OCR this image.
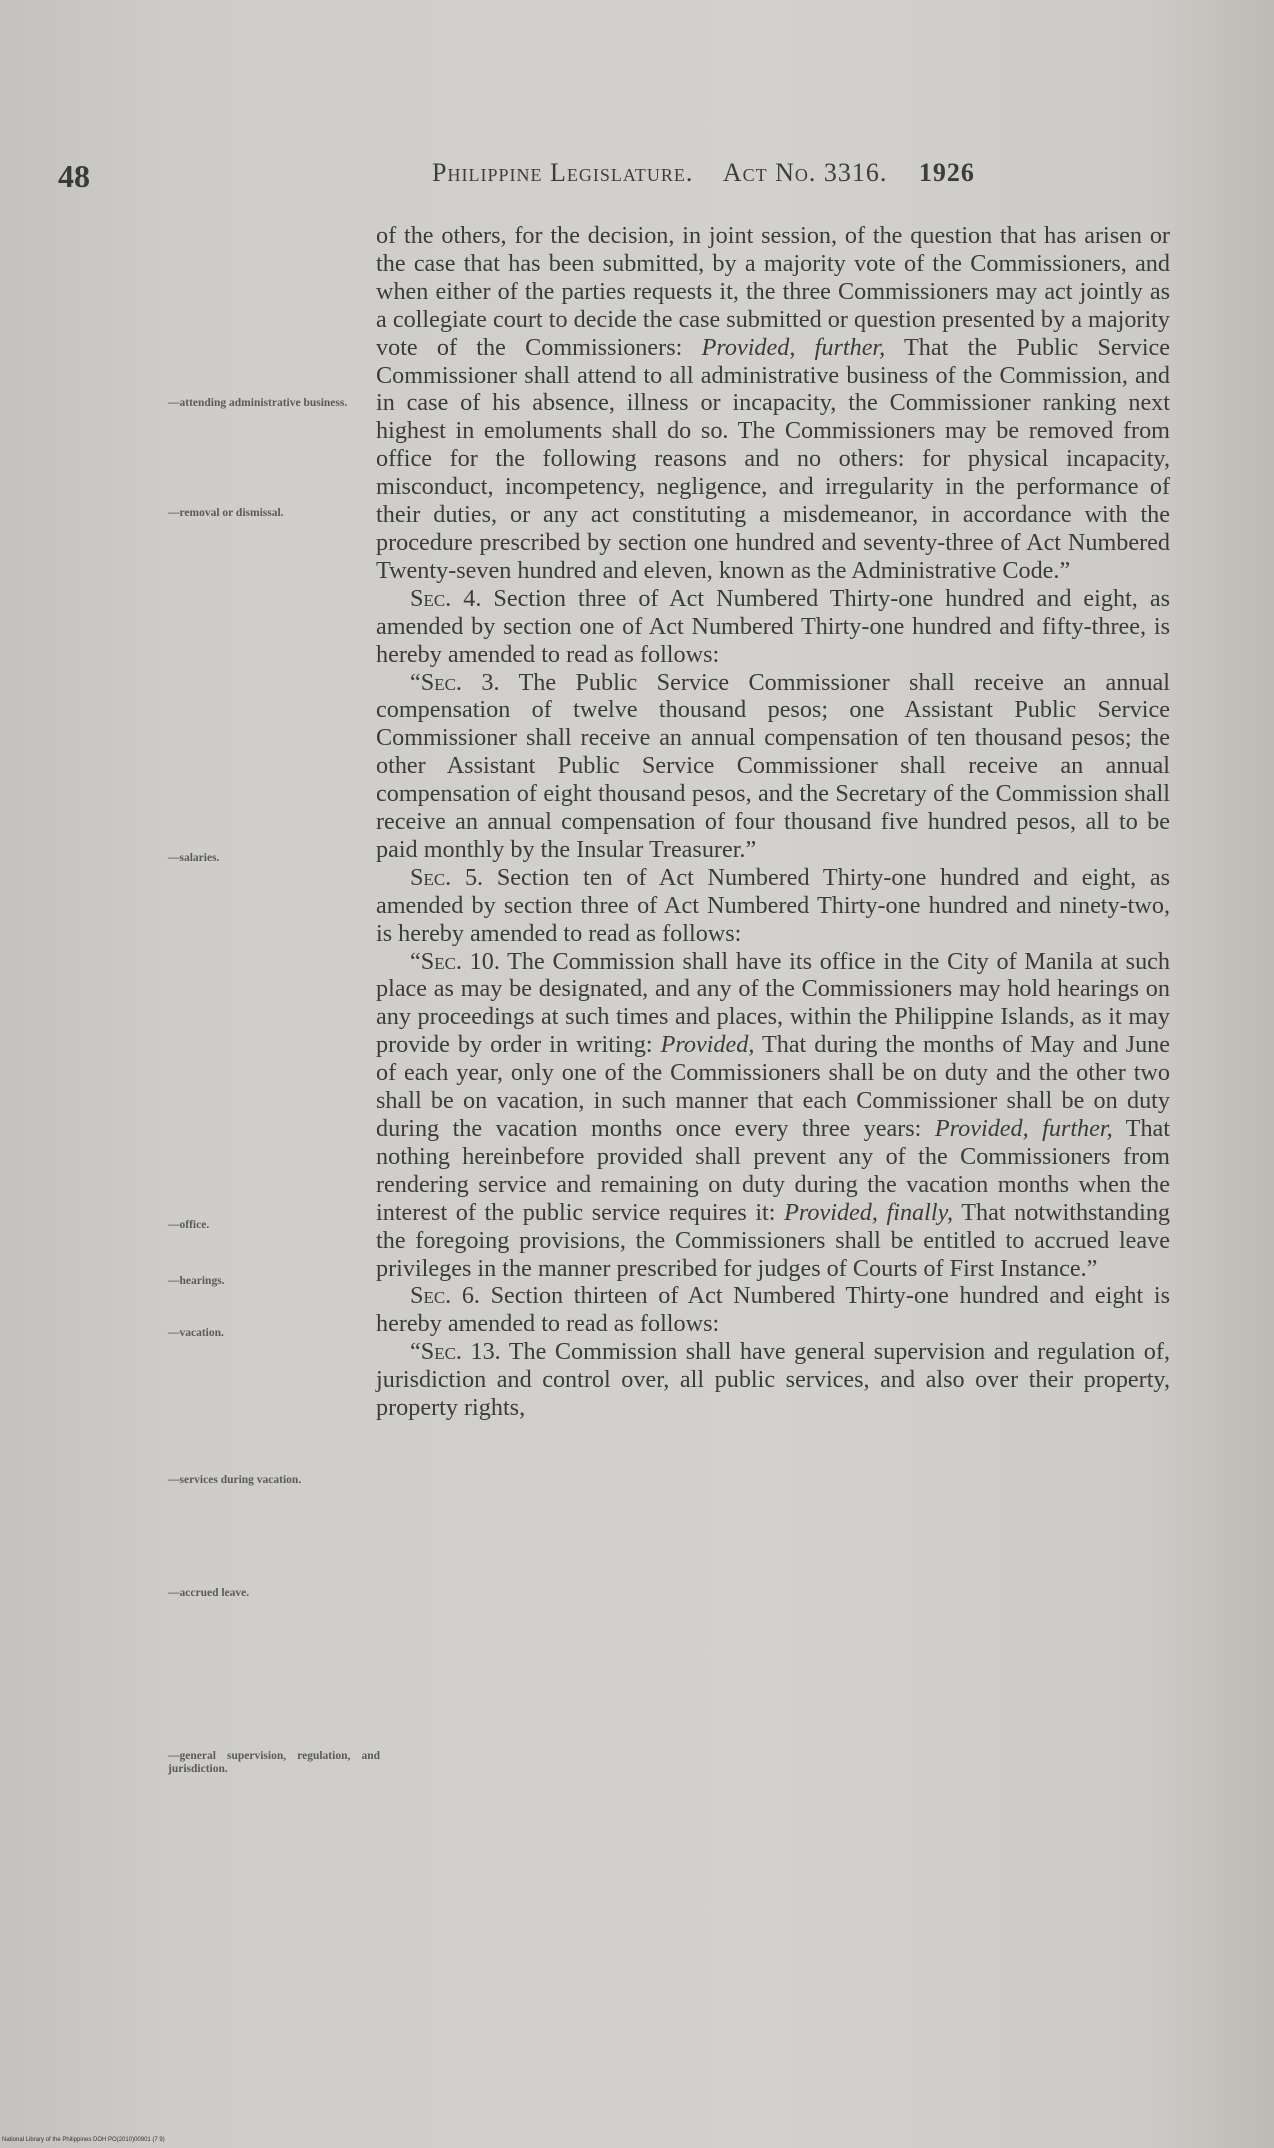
48	Philippine Legislature. Act No. 3316. 1926
—attending administrative business.
—removal or dismissal.
—salaries.
—office.
—hearings.
—vacation.
—services during vacation.
—accrued leave.
—general supervision, regulation, and jurisdiction.

of the others, for the decision, in joint session, of the question that has arisen or the case that has been submitted, by a majority vote of the Commissioners, and when either of the parties requests it, the three Commissioners may act jointly as a collegiate court to decide the case submitted or question presented by a majority vote of the Commissioners: Provided, further, That the Public Service Commissioner shall attend to all administrative business of the Commission, and in case of his absence, illness or incapacity, the Commissioner ranking next highest in emoluments shall do so. The Commissioners may be removed from office for the following reasons and no others: for physical incapacity, misconduct, incompetency, negligence, and irregularity in the performance of their duties, or any act constituting a misdemeanor, in accordance with the procedure prescribed by section one hundred and seventy-three of Act Numbered Twenty-seven hundred and eleven, known as the Administrative Code.”

Sec. 4. Section three of Act Numbered Thirty-one hundred and eight, as amended by section one of Act Numbered Thirty-one hundred and fifty-three, is hereby amended to read as follows:

“Sec. 3. The Public Service Commissioner shall receive an annual compensation of twelve thousand pesos; one Assistant Public Service Commissioner shall receive an annual compensation of ten thousand pesos; the other Assistant Public Service Commissioner shall receive an annual compensation of eight thousand pesos, and the Secretary of the Commission shall receive an annual compensation of four thousand five hundred pesos, all to be paid monthly by the Insular Treasurer.”

Sec. 5. Section ten of Act Numbered Thirty-one hundred and eight, as amended by section three of Act Numbered Thirty-one hundred and ninety-two, is hereby amended to read as follows:

“Sec. 10. The Commission shall have its office in the City of Manila at such place as may be designated, and any of the Commissioners may hold hearings on any proceedings at such times and places, within the Philippine Islands, as it may provide by order in writing: Provided, That during the months of May and June of each year, only one of the Commissioners shall be on duty and the other two shall be on vacation, in such manner that each Commissioner shall be on duty during the vacation months once every three years: Provided, further, That nothing hereinbefore provided shall prevent any of the Commissioners from rendering service and remaining on duty during the vacation months when the interest of the public service requires it: Provided, finally, That notwithstanding the foregoing provisions, the Commissioners shall be entitled to accrued leave privileges in the manner prescribed for judges of Courts of First Instance.”

Sec. 6. Section thirteen of Act Numbered Thirty-one hundred and eight is hereby amended to read as follows:

“Sec. 13. The Commission shall have general supervision and regulation of, jurisdiction and control over, all public services, and also over their property, property rights,

National Library of the Philippines DOH PO(2010)00901 (7 9)
